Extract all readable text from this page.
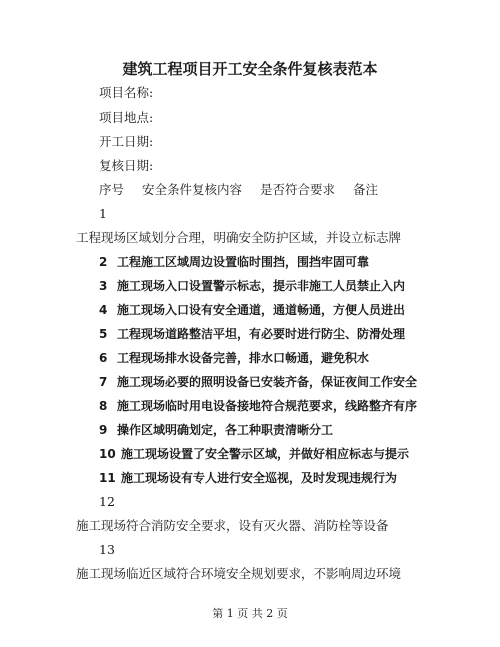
建筑工程项目开工安全条件复核表范本
项目名称:
项目地点:
开工日期:
复核日期:
序号 安全条件复核内容 是否符合要求 备注
1
工程现场区域划分合理，明确安全防护区域，并设立标志牌
2 工程施工区域周边设置临时围挡，围挡牢固可靠
3 施工现场入口设置警示标志，提示非施工人员禁止入内
4 施工现场入口设有安全通道，通道畅通，方便人员进出
5 工程现场道路整洁平坦，有必要时进行防尘、防滑处理
6 工程现场排水设备完善，排水口畅通，避免积水
7 施工现场必要的照明设备已安装齐备，保证夜间工作安全
8 施工现场临时用电设备接地符合规范要求，线路整齐有序
9 操作区域明确划定，各工种职责清晰分工
10 施工现场设置了安全警示区域，并做好相应标志与提示
11 施工现场设有专人进行安全巡视，及时发现违规行为
12
施工现场符合消防安全要求，设有灭火器、消防栓等设备
13
施工现场临近区域符合环境安全规划要求，不影响周边环境
第 1 页 共 2 页
